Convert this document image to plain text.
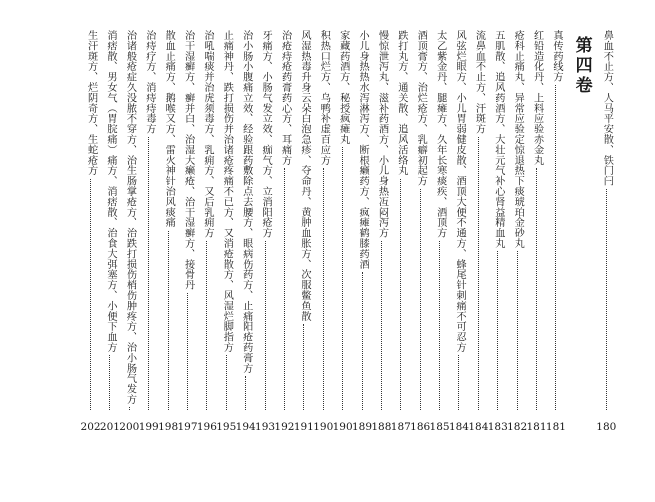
鼻血不止方、人马平安散、铁门闩
180
第四卷
真传药线方
181
红铅造化丹、上料应验赤金丸
181
疮科止痛丸、异常应验定惊退热下痰琥珀金砂丸
182
五肌散、追风药酒方、大壮元气补心肾益精血丸
183
流鼻血不止方、汗斑方
184
风弦烂眼方、小儿胃弱健皮散、酒顶大便不通方、蜂尾针刺痛不可忍方
184
太乙紫金丹、腿瘫方、久年长寒痰疾、酒顶方
185
酒顶膏方、治烂疮方、乳癖初起方
186
跌打丸方、通关散、追风活络丸
187
慢惊泄泻丸、滋补药酒方、小儿身热冱闷泻方
188
小儿身热热水泻淋泻方、断根癞药方、疯瘫鹤膝药酒
189
家藏药酒方、秘授疯瘫丸
190
积热口烂方、乌鸭补虚百应方
190
风湿热毒升身云朵白泡急疹、夺命丹、黄肿血胀方、次服鳖鱼散
191
治疮痔疮药膏药心方、耳痛方
192
牙痛方、小肠气发立效、痂气方、立消阳疮方
193
治小肠小腹痛立效、经验跟药敷除点去腰方、眼病伤药方、止痛阳疮药膏方
194
止痛神丹、跌打损伤并治诸疮疼痛不已方、又消疮散方、风湿烂脚指方
195
治吼喘痰并治虎须毒方、乳痈方、又后乳痈方
196
治干湿癣方、癣并白、治湿大癞疮、治干湿癣方、接骨丹
197
散血止痛方、鹅喉又方、雷火神针治风痰痛
198
治痔疗方、消痔痔毒方
199
治诸般疮症久没脓不穿方、治生肠掌疮方、治跌打损伤梢伤肿疼方、治小肠气发方
200
消痞散、男女气（胃脘痛）痛方、消痞散、治食大弭塞方、小便下血方
201
生汗斑方、烂阴奇方、生蛇疮方
202
